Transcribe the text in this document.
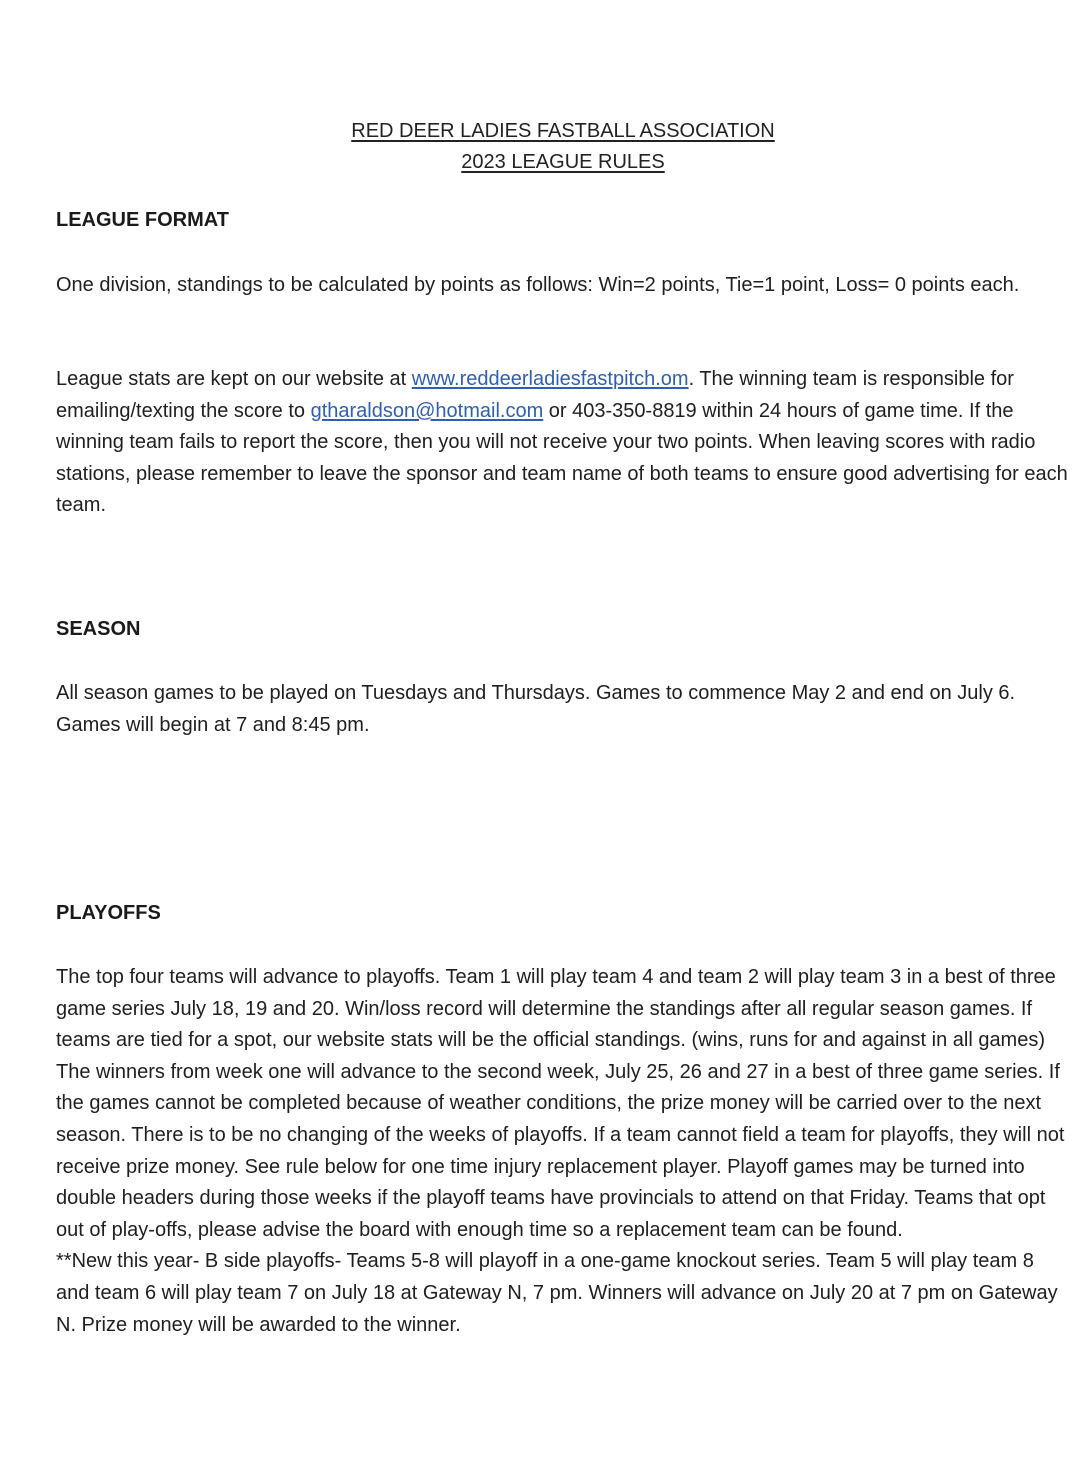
RED DEER LADIES FASTBALL ASSOCIATION
2023 LEAGUE RULES
LEAGUE FORMAT

One division, standings to be calculated by points as follows: Win=2 points, Tie=1 point, Loss= 0 points each.

League stats are kept on our website at www.reddeerladiesfastpitch.om. The winning team is responsible for emailing/texting the score to gtharaldson@hotmail.com or 403-350-8819 within 24 hours of game time. If the winning team fails to report the score, then you will not receive your two points. When leaving scores with radio stations, please remember to leave the sponsor and team name of both teams to ensure good advertising for each team.

SEASON

All season games to be played on Tuesdays and Thursdays. Games to commence May 2 and end on July 6. Games will begin at 7 and 8:45 pm.

PLAYOFFS

The top four teams will advance to playoffs. Team 1 will play team 4 and team 2 will play team 3 in a best of three game series July 18, 19 and 20. Win/loss record will determine the standings after all regular season games. If teams are tied for a spot, our website stats will be the official standings. (wins, runs for and against in all games) The winners from week one will advance to the second week, July 25, 26 and 27 in a best of three game series. If the games cannot be completed because of weather conditions, the prize money will be carried over to the next season. There is to be no changing of the weeks of playoffs. If a team cannot field a team for playoffs, they will not receive prize money. See rule below for one time injury replacement player. Playoff games may be turned into double headers during those weeks if the playoff teams have provincials to attend on that Friday. Teams that opt out of play-offs, please advise the board with enough time so a replacement team can be found.
**New this year- B side playoffs- Teams 5-8 will playoff in a one-game knockout series. Team 5 will play team 8 and team 6 will play team 7 on July 18 at Gateway N, 7 pm. Winners will advance on July 20 at 7 pm on Gateway N. Prize money will be awarded to the winner.
